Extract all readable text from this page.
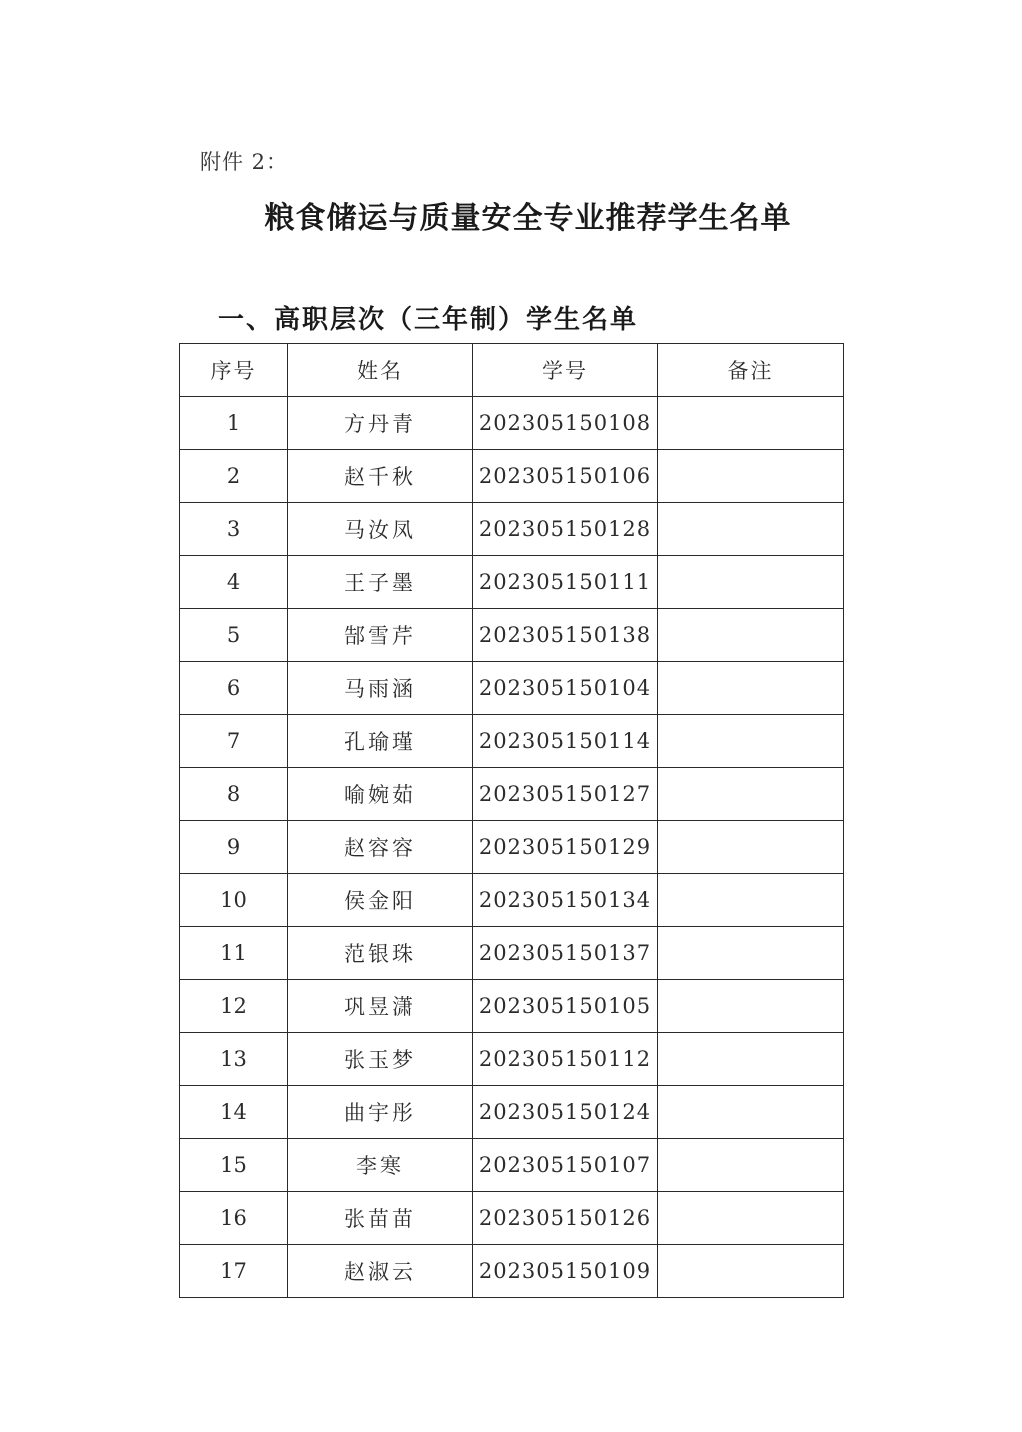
附件 2：
粮食储运与质量安全专业推荐学生名单
一、高职层次（三年制）学生名单
序号	姓名	学号	备注
1	方丹青	202305150108	
2	赵千秋	202305150106	
3	马汝凤	202305150128	
4	王子墨	202305150111	
5	郜雪芹	202305150138	
6	马雨涵	202305150104	
7	孔瑜瑾	202305150114	
8	喻婉茹	202305150127	
9	赵容容	202305150129	
10	侯金阳	202305150134	
11	范银珠	202305150137	
12	巩昱潇	202305150105	
13	张玉梦	202305150112	
14	曲宇彤	202305150124	
15	李寒	202305150107	
16	张苗苗	202305150126	
17	赵淑云	202305150109	
